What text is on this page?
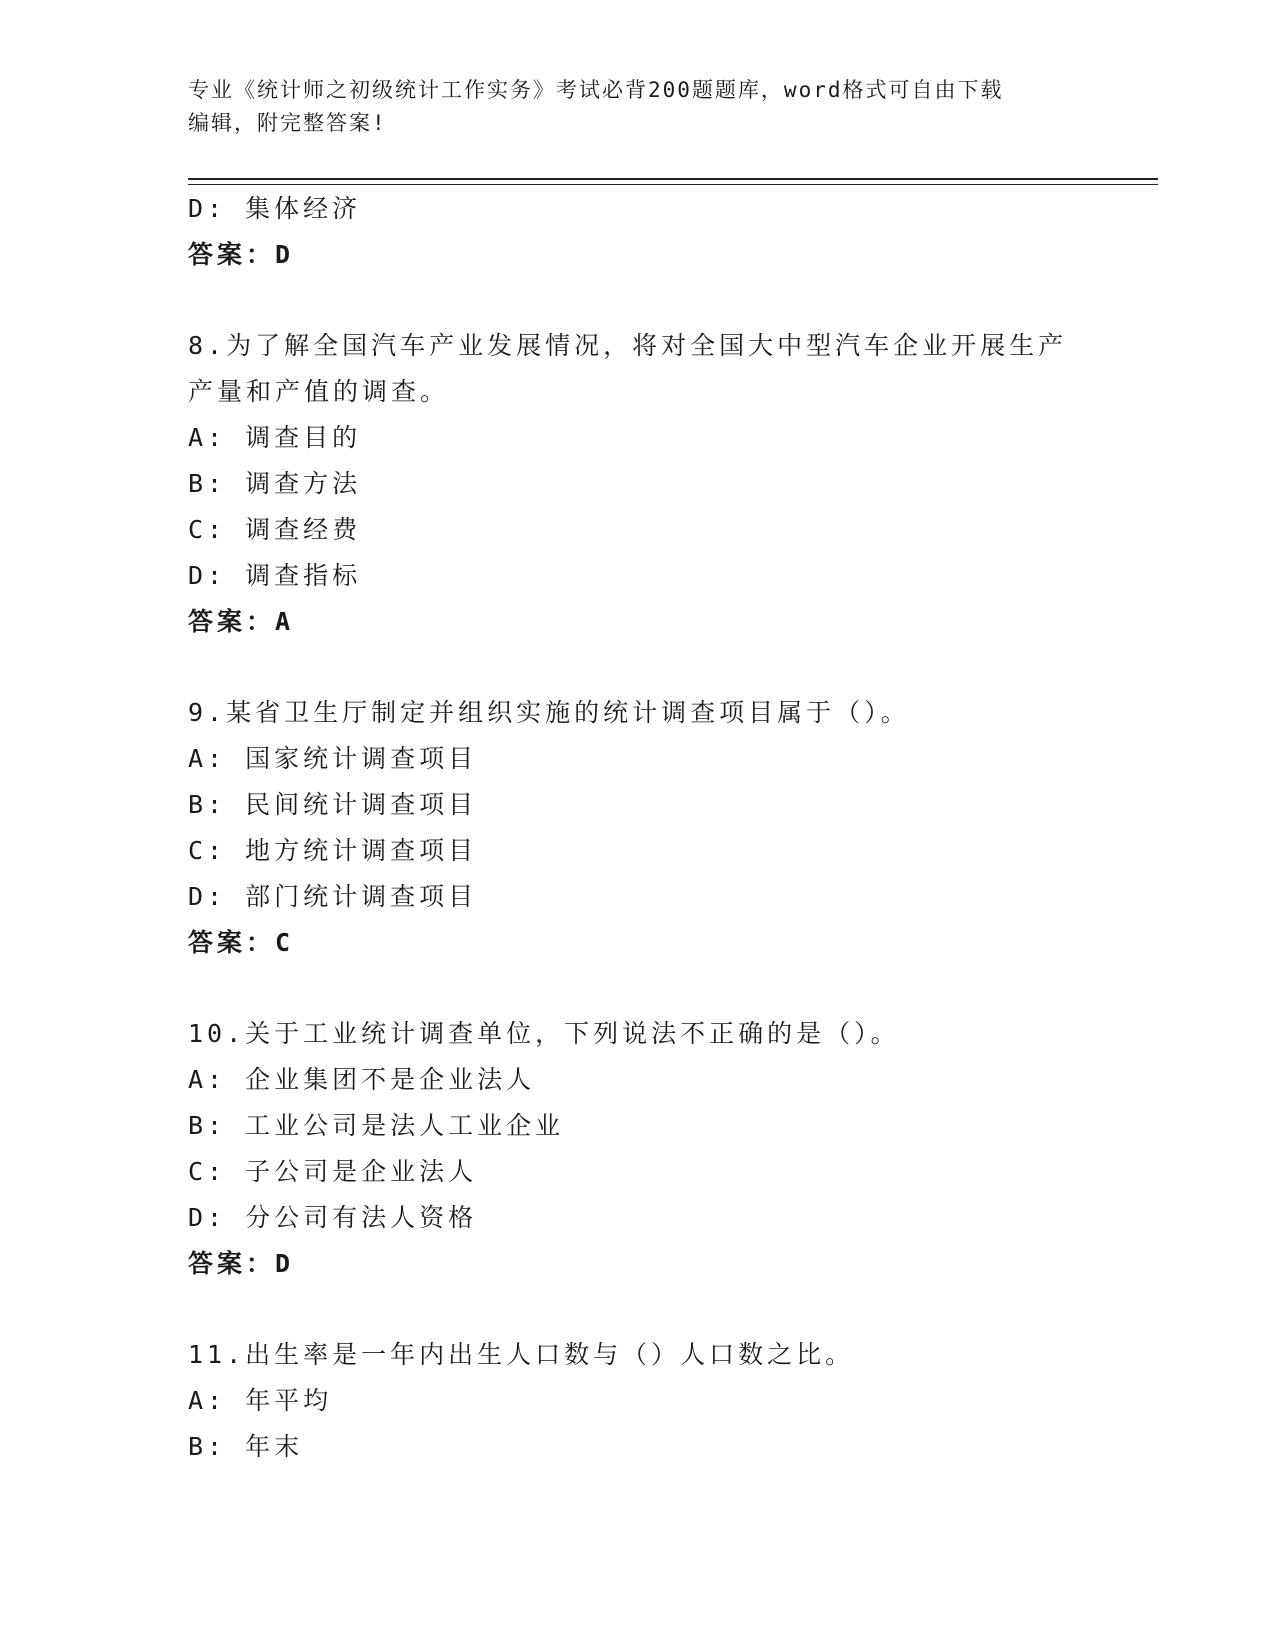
专业《统计师之初级统计工作实务》考试必背200题题库，word格式可自由下载
编辑，附完整答案!
D: 集体经济
答案：D
8.为了解全国汽车产业发展情况，将对全国大中型汽车企业开展生产
产量和产值的调查。
A: 调查目的
B: 调查方法
C: 调查经费
D: 调查指标
答案：A
9.某省卫生厅制定并组织实施的统计调查项目属于（）。
A: 国家统计调查项目
B: 民间统计调查项目
C: 地方统计调查项目
D: 部门统计调查项目
答案：C
10.关于工业统计调查单位，下列说法不正确的是（）。
A: 企业集团不是企业法人
B: 工业公司是法人工业企业
C: 子公司是企业法人
D: 分公司有法人资格
答案：D
11.出生率是一年内出生人口数与（）人口数之比。
A: 年平均
B: 年末
